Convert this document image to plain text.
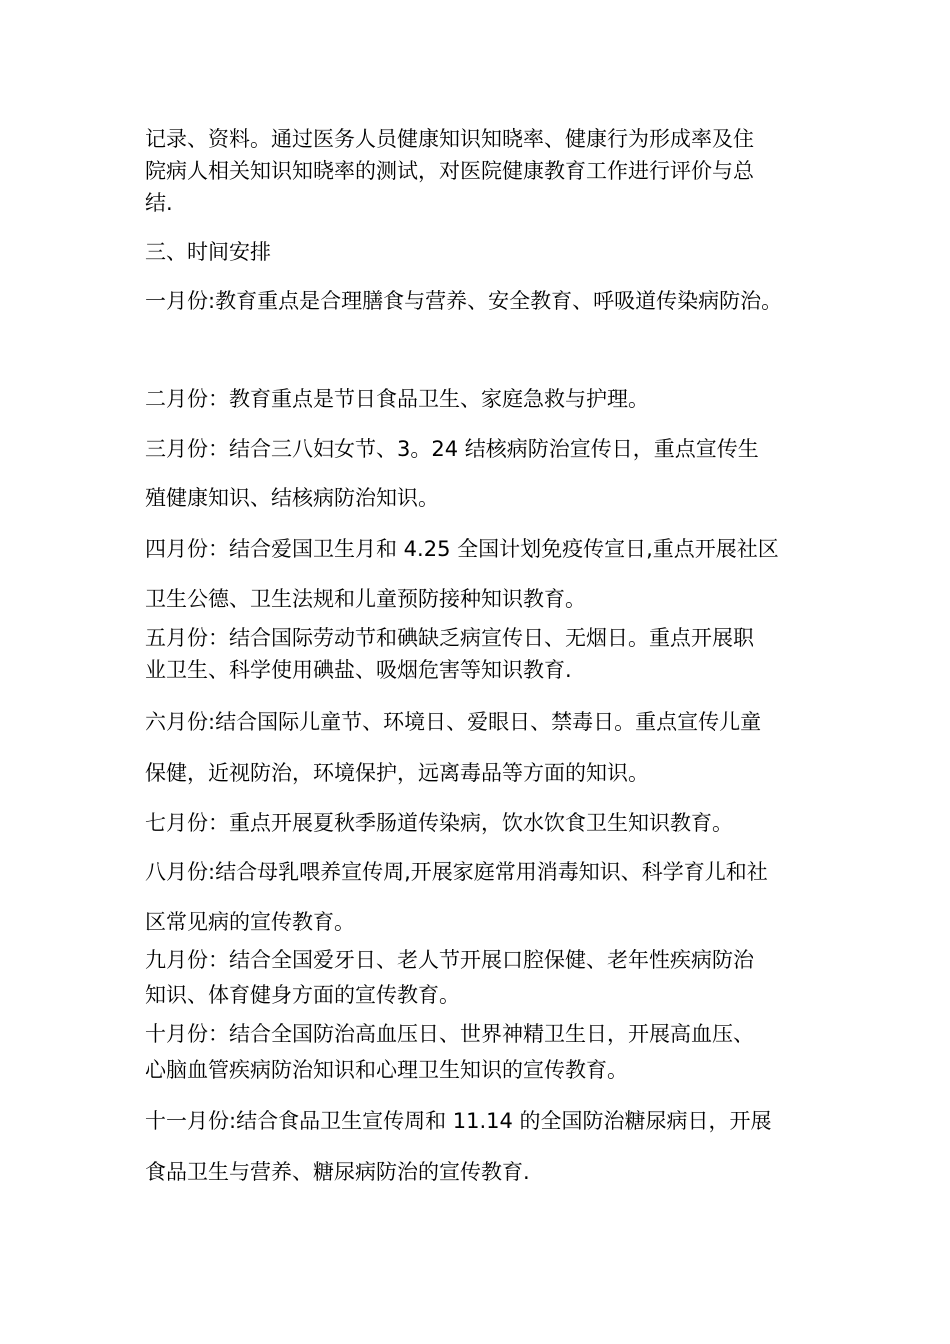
记录、资料。通过医务人员健康知识知晓率、健康行为形成率及住

院病人相关知识知晓率的测试，对医院健康教育工作进行评价与总

结.

三、时间安排

一月份:教育重点是合理膳食与营养、安全教育、呼吸道传染病防治。

二月份：教育重点是节日食品卫生、家庭急救与护理。

三月份：结合三八妇女节、3。24 结核病防治宣传日，重点宣传生

殖健康知识、结核病防治知识。

四月份：结合爱国卫生月和 4.25 全国计划免疫传宣日,重点开展社区

卫生公德、卫生法规和儿童预防接种知识教育。

五月份：结合国际劳动节和碘缺乏病宣传日、无烟日。重点开展职

业卫生、科学使用碘盐、吸烟危害等知识教育.

六月份:结合国际儿童节、环境日、爱眼日、禁毒日。重点宣传儿童

保健，近视防治，环境保护，远离毒品等方面的知识。

七月份：重点开展夏秋季肠道传染病，饮水饮食卫生知识教育。

八月份:结合母乳喂养宣传周,开展家庭常用消毒知识、科学育儿和社

区常见病的宣传教育。

九月份：结合全国爱牙日、老人节开展口腔保健、老年性疾病防治

知识、体育健身方面的宣传教育。

十月份：结合全国防治高血压日、世界神精卫生日，开展高血压、

心脑血管疾病防治知识和心理卫生知识的宣传教育。

十一月份:结合食品卫生宣传周和 11.14 的全国防治糖尿病日，开展

食品卫生与营养、糖尿病防治的宣传教育.
